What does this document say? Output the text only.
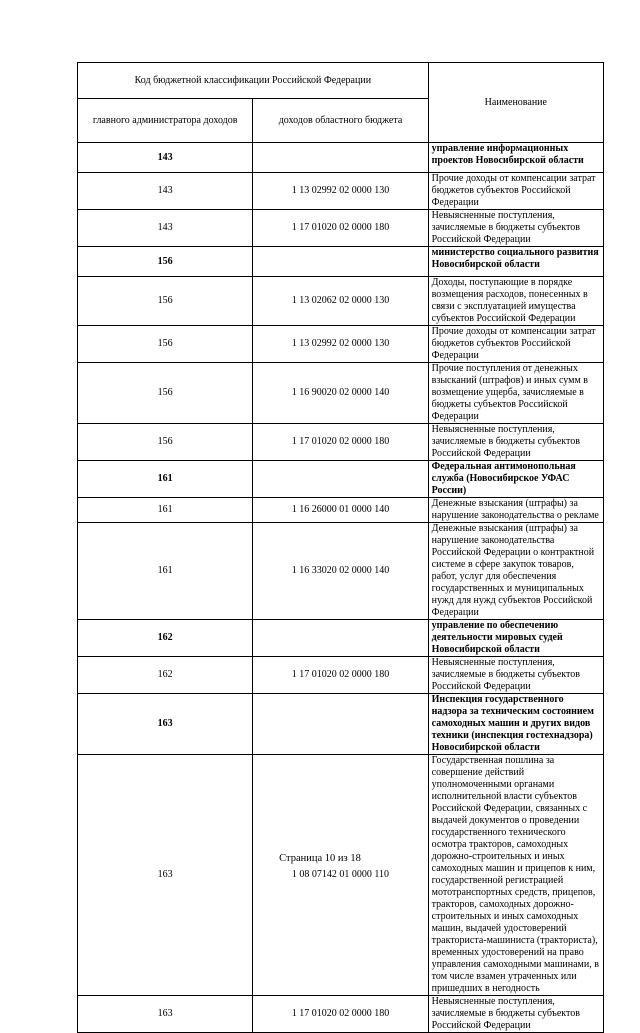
Код бюджетной классификации Российской Федерации		Наименование
главного администратора доходов	доходов областного бюджета	
143		управление информационных проектов Новосибирской области
143	1 13 02992 02 0000 130	Прочие доходы от компенсации затрат бюджетов субъектов Российской Федерации
143	1 17 01020 02 0000 180	Невыясненные поступления, зачисляемые в бюджеты субъектов Российской Федерации
156		министерство социального развития Новосибирской области
156	1 13 02062 02 0000 130	Доходы, поступающие в порядке возмещения расходов, понесенных в связи с эксплуатацией имущества субъектов Российской Федерации
156	1 13 02992 02 0000 130	Прочие доходы от компенсации затрат бюджетов субъектов Российской Федерации
156	1 16 90020 02 0000 140	Прочие поступления от денежных взысканий (штрафов) и иных сумм в возмещение ущерба, зачисляемые в бюджеты субъектов Российской Федерации
156	1 17 01020 02 0000 180	Невыясненные поступления, зачисляемые в бюджеты субъектов Российской Федерации
161		Федеральная антимонопольная служба (Новосибирское УФАС России)
161	1 16 26000 01 0000 140	Денежные взыскания (штрафы) за нарушение законодательства о рекламе
161	1 16 33020 02 0000 140	Денежные взыскания (штрафы) за нарушение законодательства Российской Федерации о контрактной системе в сфере закупок товаров, работ, услуг для обеспечения государственных и муниципальных нужд для нужд субъектов Российской Федерации
162		управление по обеспечению деятельности мировых судей Новосибирской области
162	1 17 01020 02 0000 180	Невыясненные поступления, зачисляемые в бюджеты субъектов Российской Федерации
163		Инспекция государственного надзора за техническим состоянием самоходных машин и других видов техники (инспекция гостехнадзора) Новосибирской области
163	1 08 07142 01 0000 110	Государственная пошлина за совершение действий уполномоченными органами исполнительной власти субъектов Российской Федерации, связанных с выдачей документов о проведении государственного технического осмотра тракторов, самоходных дорожно-строительных и иных самоходных машин и прицепов к ним, государственной регистрацией мототранспортных средств, прицепов, тракторов, самоходных дорожно-строительных и иных самоходных машин, выдачей удостоверений тракториста-машиниста (тракториста), временных удостоверений на право управления самоходными машинами, в том числе взамен утраченных или пришедших в негодность
163	1 17 01020 02 0000 180	Невыясненные поступления, зачисляемые в бюджеты субъектов Российской Федерации
Страница 10 из 18
